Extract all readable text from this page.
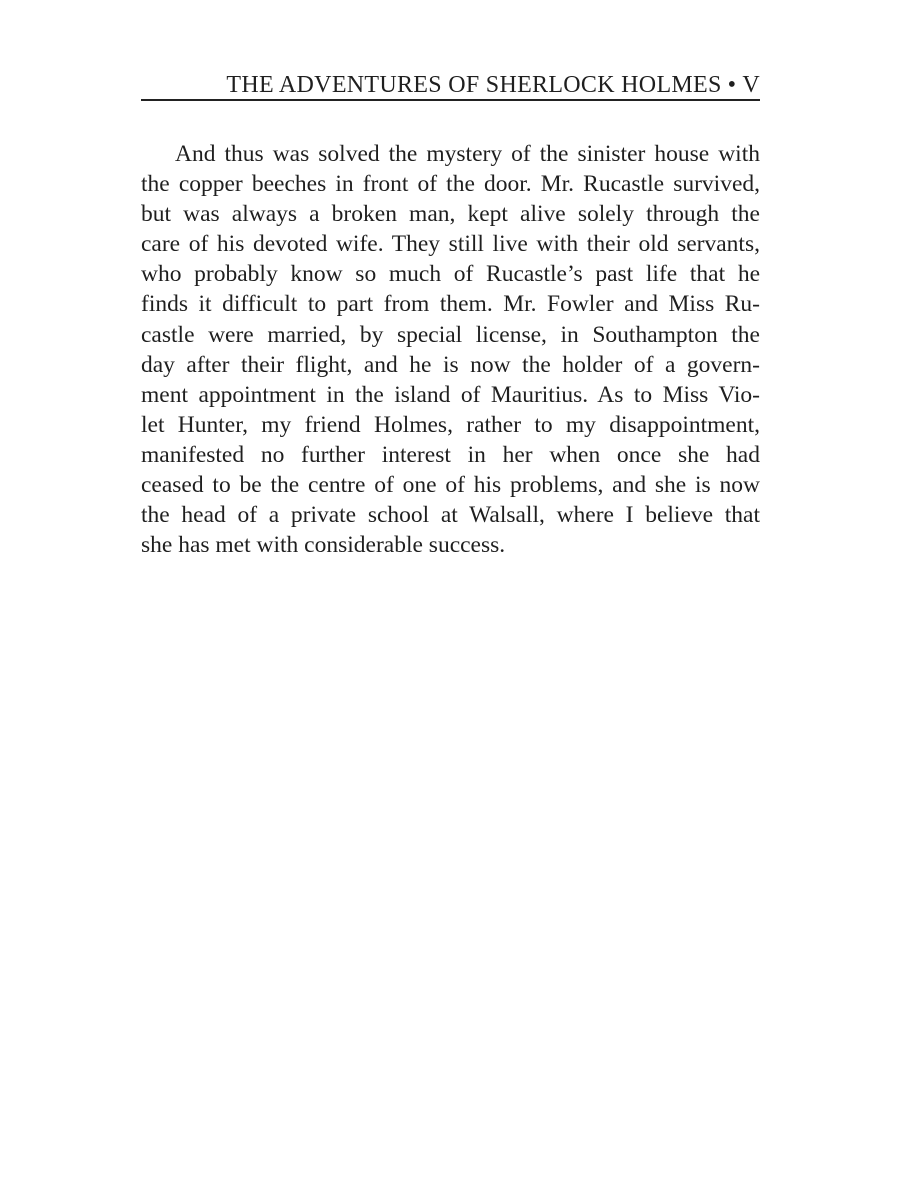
THE ADVENTURES OF SHERLOCK HOLMES • V
And thus was solved the mystery of the sinister house with
the copper beeches in front of the door. Mr. Rucastle survived,
but was always a broken man, kept alive solely through the
care of his devoted wife. They still live with their old servants,
who probably know so much of Rucastle’s past life that he
finds it difficult to part from them. Mr. Fowler and Miss Ru-
castle were married, by special license, in Southampton the
day after their flight, and he is now the holder of a govern-
ment appointment in the island of Mauritius. As to Miss Vio-
let Hunter, my friend Holmes, rather to my disappointment,
manifested no further interest in her when once she had
ceased to be the centre of one of his problems, and she is now
the head of a private school at Walsall, where I believe that
she has met with considerable success.
